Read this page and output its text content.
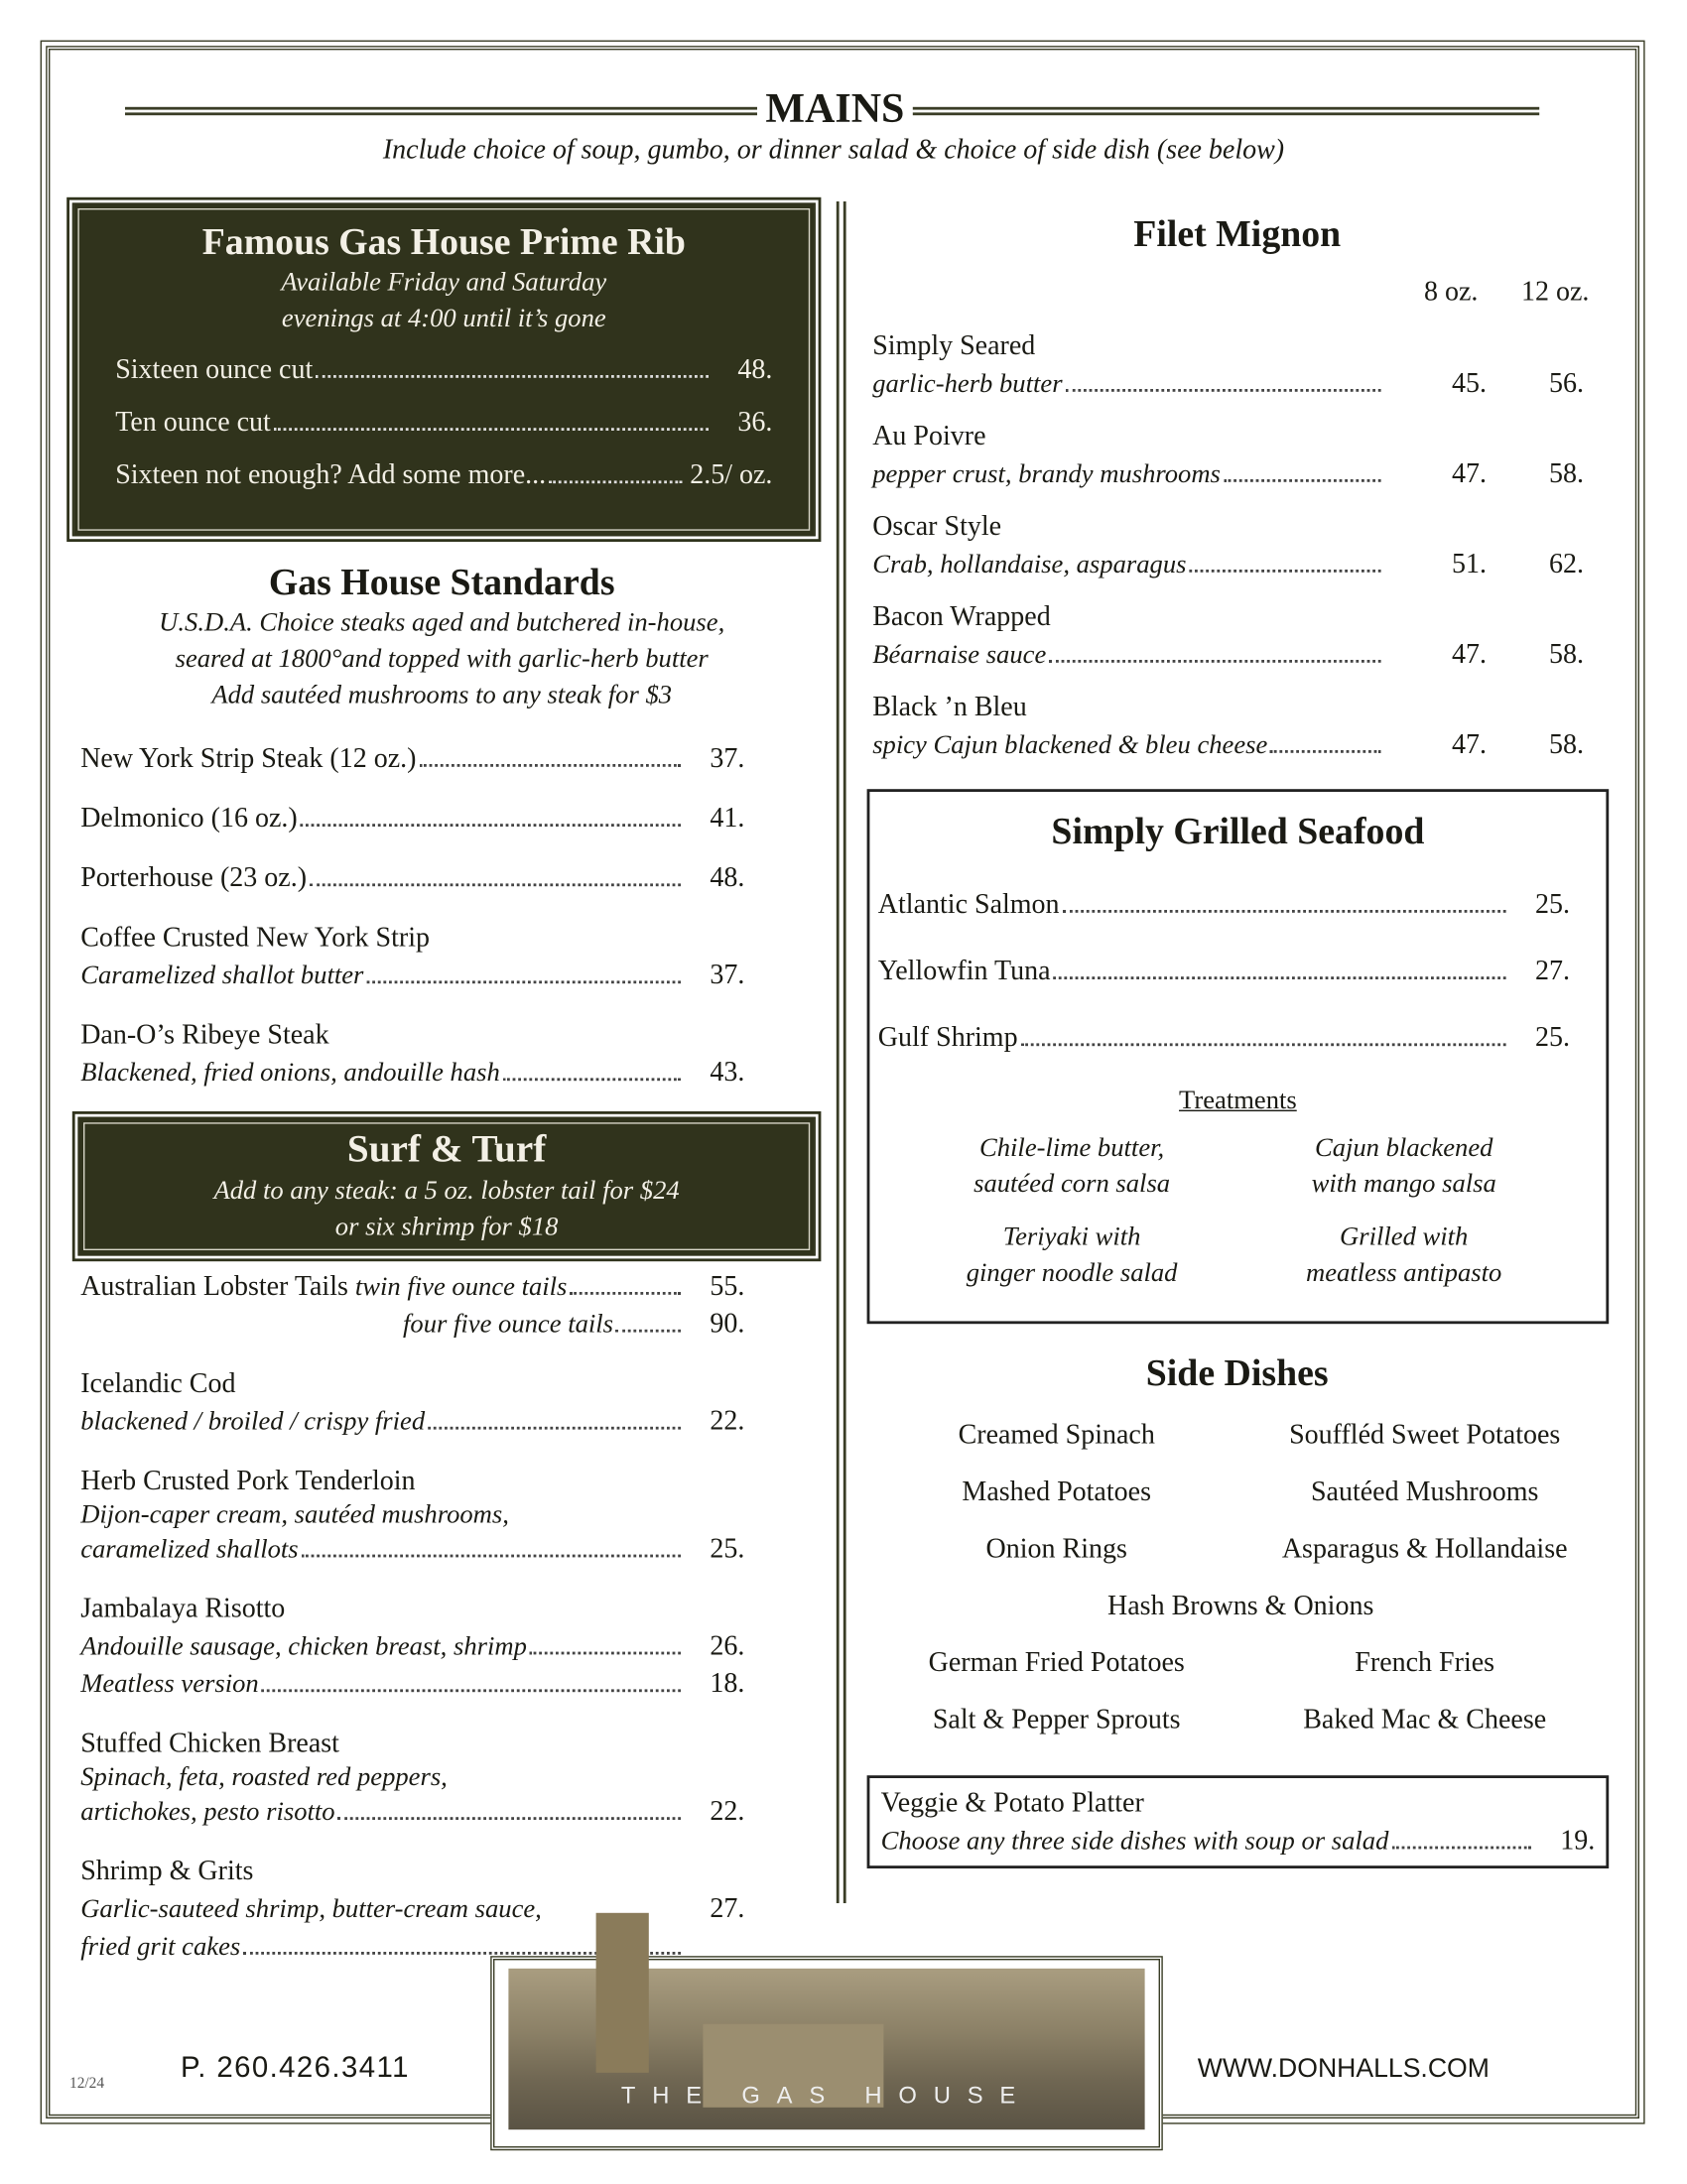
MAINS
Include choice of soup, gumbo, or dinner salad & choice of side dish (see below)
Famous Gas House Prime Rib
Available Friday and Saturday
evenings at 4:00 until it’s gone
Sixteen ounce cut	48.
Ten ounce cut	36.
Sixteen not enough? Add some more...	2.5/ oz.
Gas House Standards
U.S.D.A. Choice steaks aged and butchered in-house,
seared at 1800°and topped with garlic-herb butter
Add sautéed mushrooms to any steak for $3
New York Strip Steak (12 oz.)	37.
Delmonico (16 oz.)	41.
Porterhouse (23 oz.)	48.
Coffee Crusted New York Strip
Caramelized shallot butter	37.
Dan-O’s Ribeye Steak
Blackened, fried onions, andouille hash	43.
Surf & Turf
Add to any steak: a 5 oz. lobster tail for $24
or six shrimp for $18
Australian Lobster Tails
twin five ounce tails	55.
four five ounce tails	90.
Icelandic Cod
blackened / broiled / crispy fried	22.
Herb Crusted Pork Tenderloin
Dijon-caper cream, sautéed mushrooms,
caramelized shallots	25.
Jambalaya Risotto
Andouille sausage, chicken breast, shrimp	26.
Meatless version	18.
Stuffed Chicken Breast
Spinach, feta, roasted red peppers,
artichokes, pesto risotto	22.
Shrimp & Grits
Garlic-sauteed shrimp, butter-cream sauce,	27.
fried grit cakes
Filet Mignon
8 oz. 12 oz.
Simply Seared
garlic-herb butter	45.	56.
Au Poivre
pepper crust, brandy mushrooms	47.	58.
Oscar Style
Crab, hollandaise, asparagus	51.	62.
Bacon Wrapped
Béarnaise sauce	47.	58.
Black ’n Bleu
spicy Cajun blackened & bleu cheese	47.	58.
Simply Grilled Seafood
Atlantic Salmon	25.
Yellowfin Tuna	27.
Gulf Shrimp	25.
Treatments
Chile-lime butter,
sautéed corn salsa
Cajun blackened
with mango salsa
Teriyaki with
ginger noodle salad
Grilled with
meatless antipasto
Side Dishes
Creamed Spinach	Souffléd Sweet Potatoes
Mashed Potatoes	Sautéed Mushrooms
Onion Rings	Asparagus & Hollandaise
Hash Browns & Onions
German Fried Potatoes	French Fries
Salt & Pepper Sprouts	Baked Mac & Cheese
Veggie & Potato Platter
Choose any three side dishes with soup or salad	19.
12/24	P. 260.426.3411	WWW.DONHALLS.COM
THE GAS HOUSE
